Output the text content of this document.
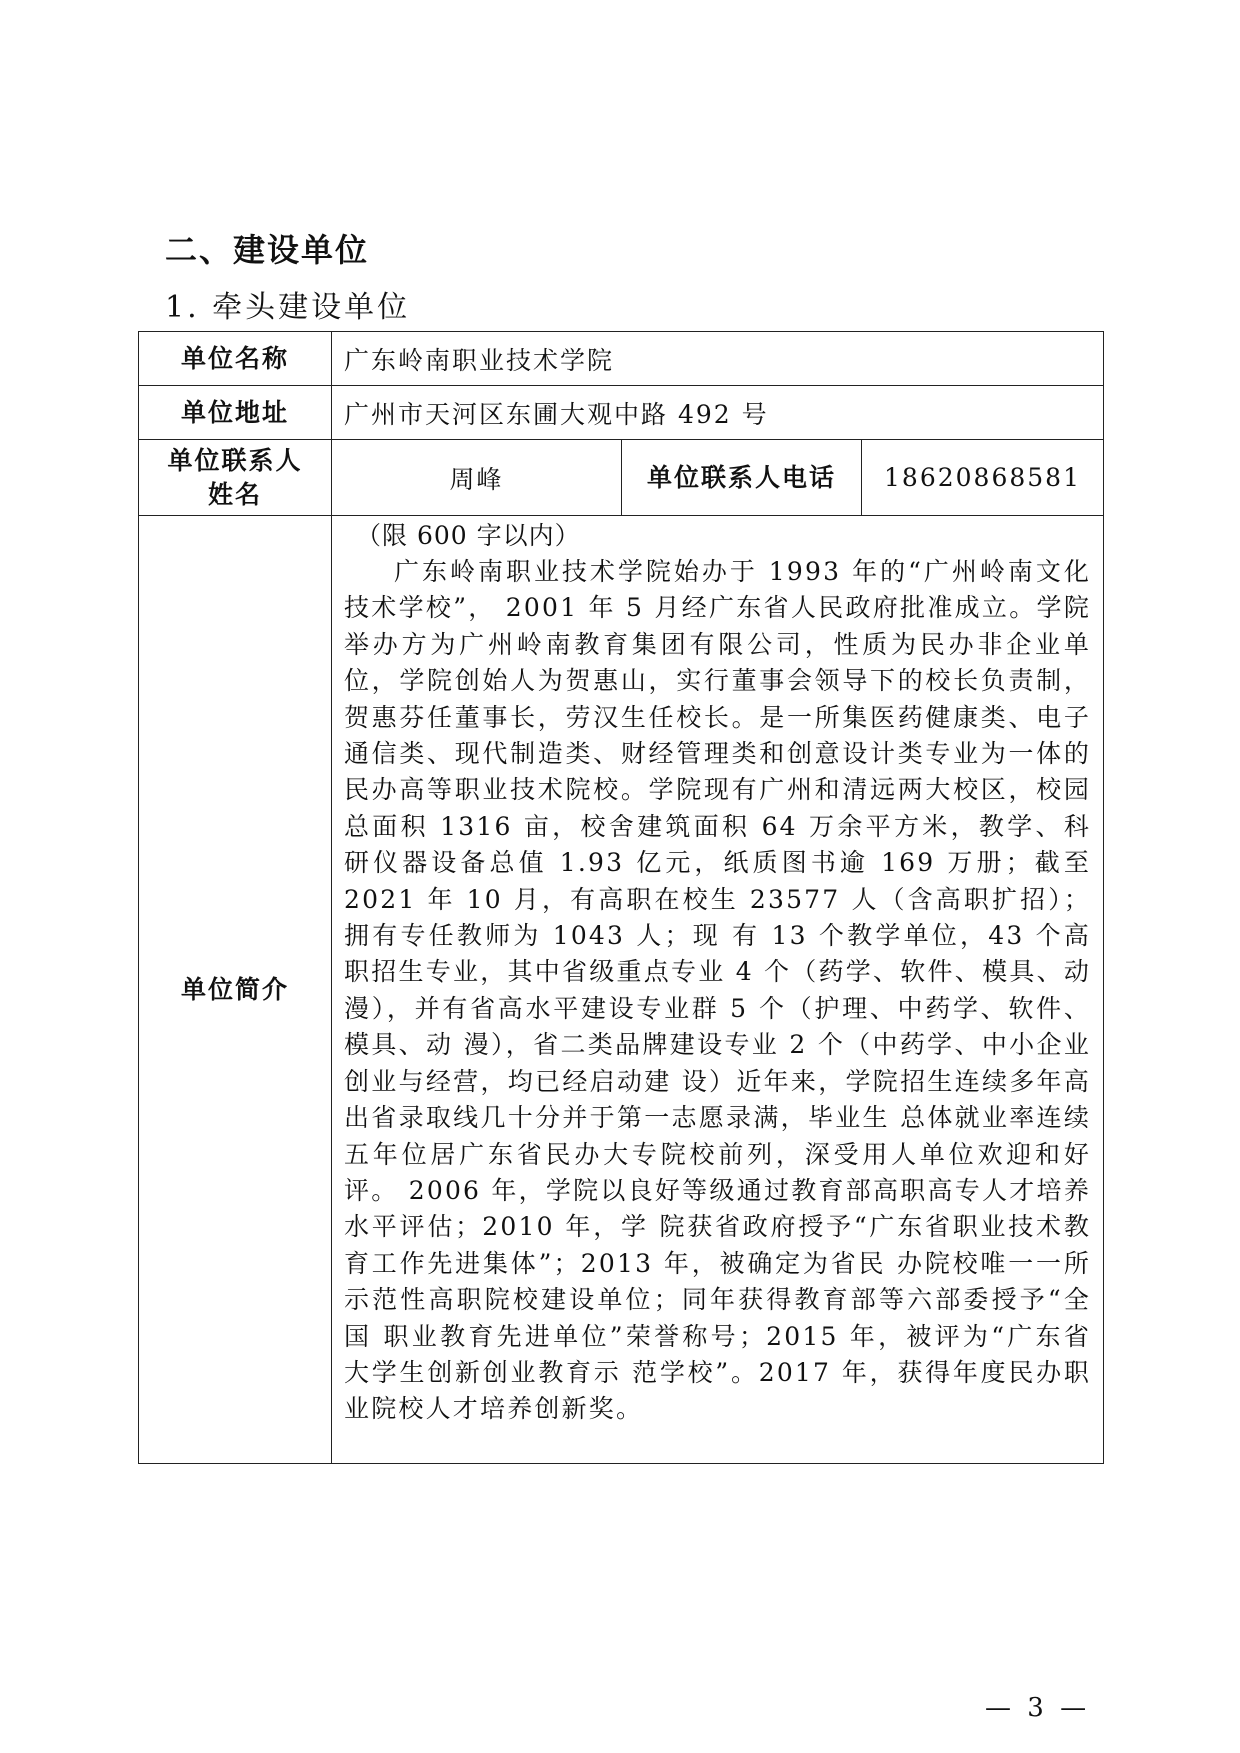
二、建设单位
1. 牵头建设单位
单位名称	广东岭南职业技术学院		
单位地址	广州市天河区东圃大观中路 492 号		
单位联系人姓名	周峰	单位联系人电话	18620868581
单位简介	（限 600 字以内）

广东岭南职业技术学院始办于 1993 年的“广州岭南文化技术学校”， 2001 年 5 月经广东省人民政府批准成立。学院举办方为广州岭南教育集团有限公司，性质为民办非企业单位，学院创始人为贺惠山，实行董事会领导下的校长负责制，贺惠芬任董事长，劳汉生任校长。是一所集医药健康类、电子通信类、现代制造类、财经管理类和创意设计类专业为一体的民办高等职业技术院校。学院现有广州和清远两大校区，校园总面积 1316 亩，校舍建筑面积 64 万余平方米，教学、科研仪器设备总值 1.93 亿元，纸质图书逾 169 万册；截至 2021 年 10 月，有高职在校生 23577 人（含高职扩招）；拥有专任教师为 1043 人；现 有 13 个教学单位，43 个高职招生专业，其中省级重点专业 4 个（药学、软件、模具、动漫），并有省高水平建设专业群 5 个（护理、中药学、软件、模具、动 漫），省二类品牌建设专业 2 个（中药学、中小企业创业与经营，均已经启动建 设）近年来，学院招生连续多年高出省录取线几十分并于第一志愿录满，毕业生 总体就业率连续五年位居广东省民办大专院校前列，深受用人单位欢迎和好评。 2006 年，学院以良好等级通过教育部高职高专人才培养水平评估；2010 年，学 院获省政府授予“广东省职业技术教育工作先进集体”；2013 年，被确定为省民 办院校唯一一所示范性高职院校建设单位；同年获得教育部等六部委授予“全国 职业教育先进单位”荣誉称号；2015 年，被评为“广东省大学生创新创业教育示 范学校”。2017 年，获得年度民办职业院校人才培养创新奖。		

— 3 —
